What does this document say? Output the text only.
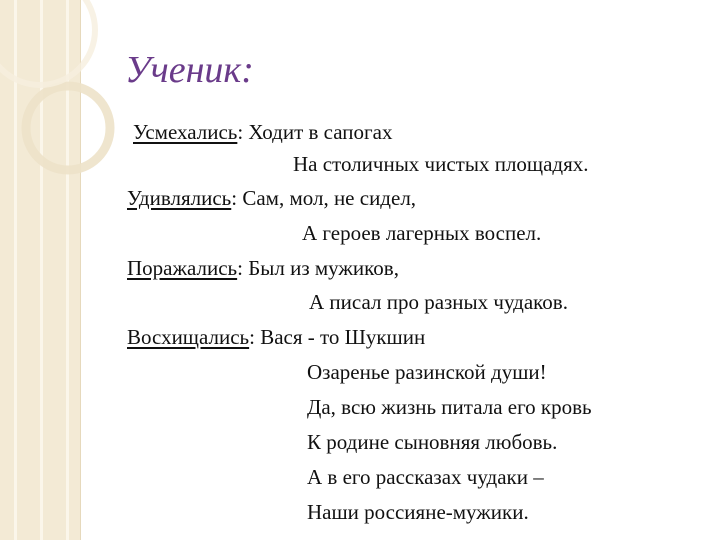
Ученик:
Усмехались: Ходит в сапогах
На столичных чистых площадях.
Удивлялись: Сам, мол, не сидел,
А героев лагерных воспел.
Поражались: Был из мужиков,
А писал про разных чудаков.
Восхищались: Вася - то Шукшин
Озаренье разинской души!
Да, всю жизнь питала его кровь
К родине сыновняя любовь.
А в его рассказах чудаки –
Наши россияне-мужики.
